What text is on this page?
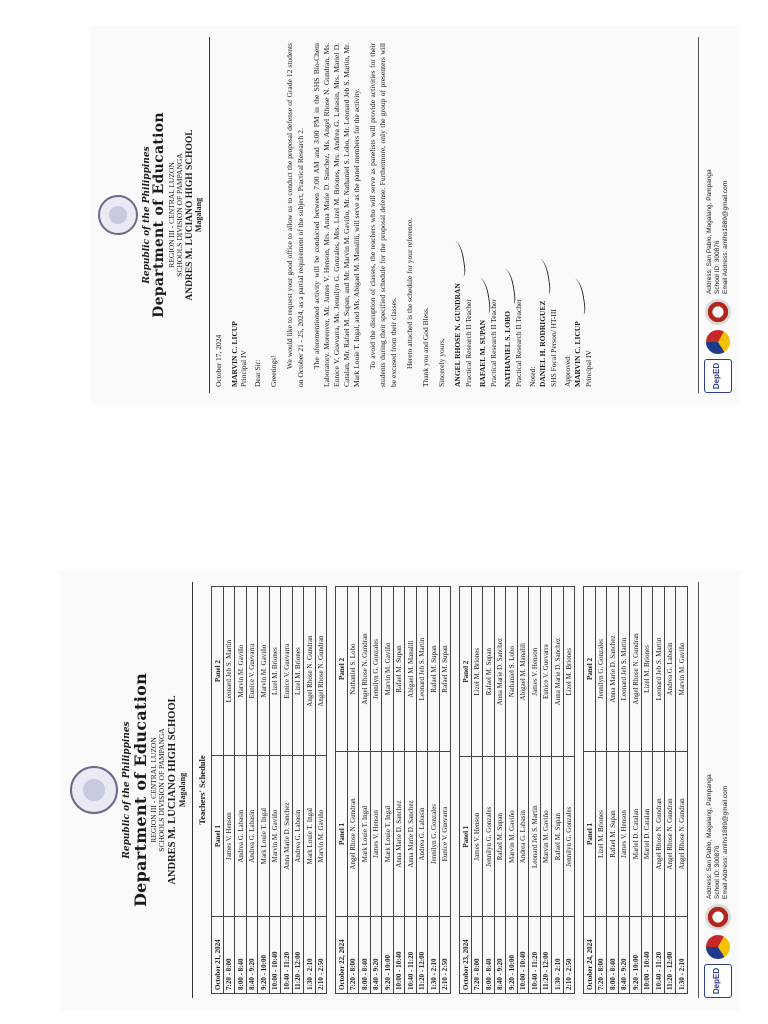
Republic of the Philippines Department of Education
REGION III - CENTRAL LUZON SCHOOLS DIVISION OF PAMPANGA ANDRES M. LUCIANO HIGH SCHOOL Magalang Teachers' Schedule
October 21, 2024	Panel 1	Panel 2
7:20 - 8:00	James V. Henson	Leonard Jeb S. Martin
8:00 - 8:40	Andrea G. Labasin	Marvin M. Gaviño
8:40 - 9:20	Andrea G. Labasin	Eunice V. Guevarra
9:20 - 10:00	Mark Louie T. Ingal	Marvin M. Gaviño
10:00 - 10:40	Marvin M. Gaviño	Lizel M. Briones
10:40 - 11:20	Anna Marie D. Sanchez	Eunice V. Guevarra
11:20 - 12:00	Andrea G. Labasin	Lizel M. Briones
1:30 - 2:10	Mark Louie T. Ingal	Angel Rhose N. Gundran
2:10 - 2:50	Marvin M. Gaviño	Angel Rhose N. Gundran
October 22, 2024	Panel 1	Panel 2
7:20 - 8:00	Angel Rhose N. Gundran	Nathaniel S. Lobo
8:00 - 8:40	Mark Louie T. Ingal	Angel Rhose N. Gundran
8:40 - 9:20	James V. Henson	Jennilyn G. Gonzales
9:20 - 10:00	Mark Louie T. Ingal	Marvin M. Gaviño
10:00 - 10:40	Anna Marie D. Sanchez	Rafael M. Supan
10:40 - 11:20	Anna Marie D. Sanchez	Abigael M. Manalili
11:20 - 12:00	Andrea G. Labasin	Leonard Jeb S. Martin
1:30 - 2:10	Jennilyn G. Gonzales	Rafael M. Supan
2:10 - 2:50	Eunice V. Guevarra	Rafael M. Supan
October 23, 2024	Panel 1	Panel 2
7:20 - 8:00	James V. Henson	Lizel M. Briones
8:00 - 8:40	Jennilyn G. Gonzales	Rafael M. Supan
8:40 - 9:20	Rafael M. Supan	Anna Marie D. Sanchez
9:20 - 10:00	Marvin M. Gaviño	Nathaniel S. Lobo
10:00 - 10:40	Andrea G. Labasin	Abigael M. Manalili
10:40 - 11:20	Leonard Jeb S. Martin	James V. Henson
11:20 - 12:00	Marvin M. Gaviño	Eunice V. Guevarra
1:30 - 2:10	Rafael M. Supan	Anna Marie D. Sanchez
2:10 - 2:50	Jennilyn G. Gonzales	Lizel M. Briones
October 24, 2024	Panel 1	Panel 2
7:20 - 8:00	Lizel M. Briones	Jennilyn G. Gonzales
8:00 - 8:40	Rafael M. Supan	Anna Marie D. Sanchez
8:40 - 9:20	James V. Henson	Leonard Jeb S. Martin
9:20 - 10:00	Mariel D. Catalan	Angel Rhose N. Gundran
10:00 - 10:40	Mariel D. Catalan	Lizel M. Briones
10:40 - 11:20	Angel Rhose N. Gundran	Leonard Jeb S. Martin
11:20 - 12:00	Angel Rhose N. Gundran	Andrea G. Labasin
1:30 - 2:10	Angel Rhose N. Gundran	Marvin M. Gaviño
DepED
Address: San Pablo, Magalang, Pampanga School ID: 300876 Email Address: amlhs1889@gmail.com
Republic of the Philippines Department of Education REGION III - CENTRAL LUZON SCHOOLS DIVISION OF PAMPANGA ANDRES M. LUCIANO HIGH SCHOOL Magalang

October 17, 2024 MARVIN C. LICUP Principal IV Dear Sir: Greetings!

We would like to request your good office to allow us to conduct the proposal defense of Grade 12 students on October 21 - 25, 2024, as a partial requirement of the subject, Practical Research 2. The aforementioned activity will be conducted between 7:00 AM and 3:00 PM in the SHS Bio-Chem Laboratory. Moreover, Mr. James V. Henson, Mrs. Anna Marie D. Sanchez, Ms. Angel Rhose N. Gundran, Ms. Eunice V. Guevarra, Ms. Jennilyn G. Gonzales, Mrs. Lizel M. Briones, Mrs. Andrea G. Labasin, Mrs. Mariel D. Catalan, Mr. Rafael M. Supan, and Mr. Marvin M. Gaviño, Mr. Nathaniel S. Lobo, Mr. Leonard Jeb S. Martin, Mr. Mark Louie T. Ingal, and Ms. Abigael M. Manalili, will serve as the panel members for the activity. To avoid the disruption of classes, the teachers who will serve as panelists will provide activities for their students during their specified schedule for the proposal defense. Furthermore, only the group of presenters will be excused from their classes. Hereto attached is the schedule for your reference. Thank you and God Bless. Sincerely yours, ANGEL RHOSE N. GUNDRAN Practical Research II Teacher RAFAEL M. SUPAN Practical Research II Teacher NATHANIEL S. LOBO Practical Research II Teacher Noted: DANIEL H. RODRIGUEZ SHS Focal Person/ HT-III Approved: MARVIN C. LICUP Principal IV	DepED
Address: San Pablo, Magalang, Pampanga School ID: 300876 Email Address: amlhs1889@gmail.com
